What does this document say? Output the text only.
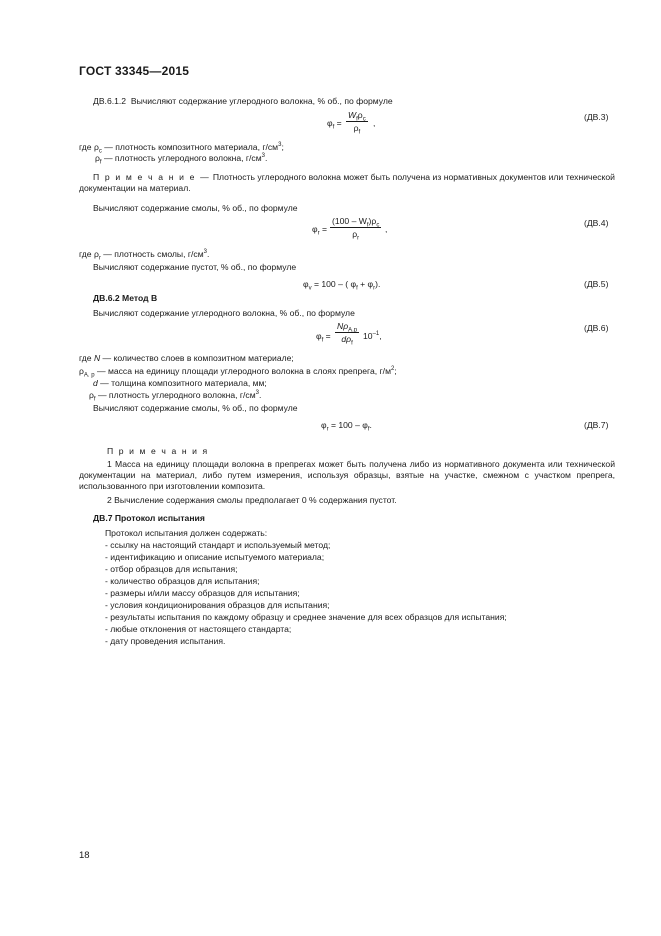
ГОСТ 33345—2015
ДВ.6.1.2 Вычисляют содержание углеродного волокна, % об., по формуле
$\varphi_f$ =
$W_f\rho_c$
$\rho_f$
,
(ДВ.3)
где $\rho_c$ — плотность композитного материала, $г/см^3$;
$\rho_f$ — плотность углеродного волокна, $г/см^3$.
П р и м е ч а н и е — Плотность углеродного волокна может быть получена из нормативных документов или технической документации на материал.
Вычисляют содержание смолы, % об., по формуле
$\varphi_r = \frac{(100 - W_f)\rho_c}{\rho_r}$ ,
(ДВ.4)
где $\rho_r$ — плотность смолы, $г/см^3$.
Вычисляют содержание пустот, % об., по формуле
$\varphi_v = 100$ – ( $\varphi_f + \varphi_r$).	(ДВ.5)
ДВ.6.2 Метод В
Вычисляют содержание углеродного волокна, % об., по формуле
$\varphi_f$ =
$N\rho_{A.p}$
$d\rho_f$
$10^{-1}$,
(ДВ.6)
где N — количество слоев в композитном материале;
$\rho_{A. p}$ — масса на единицу площади углеродного волокна в слоях препрега, $г/м^2$;
d — толщина композитного материала, мм;
$\rho_f$ — плотность углеродного волокна, $г/см^3$.
Вычисляют содержание смолы, % об., по формуле
$\varphi_r = 100 - \varphi_f$.	(ДВ.7)
П р и м е ч а н и я
1 Масса на единицу площади волокна в препрегах может быть получена либо из нормативного документа или технической документации на материал, либо путем измерения, используя образцы, взятые на участке, смежном с участком препрега, использованного при изготовлении композита.
2 Вычисление содержания смолы предполагает 0 % содержания пустот.
ДВ.7 Протокол испытания
Протокол испытания должен содержать:
- ссылку на настоящий стандарт и используемый метод;
- идентификацию и описание испытуемого материала;
- отбор образцов для испытания;
- количество образцов для испытания;
- размеры и/или массу образцов для испытания;
- условия кондиционирования образцов для испытания;
- результаты испытания по каждому образцу и среднее значение для всех образцов для испытания;
- любые отклонения от настоящего стандарта;
- дату проведения испытания.
18
